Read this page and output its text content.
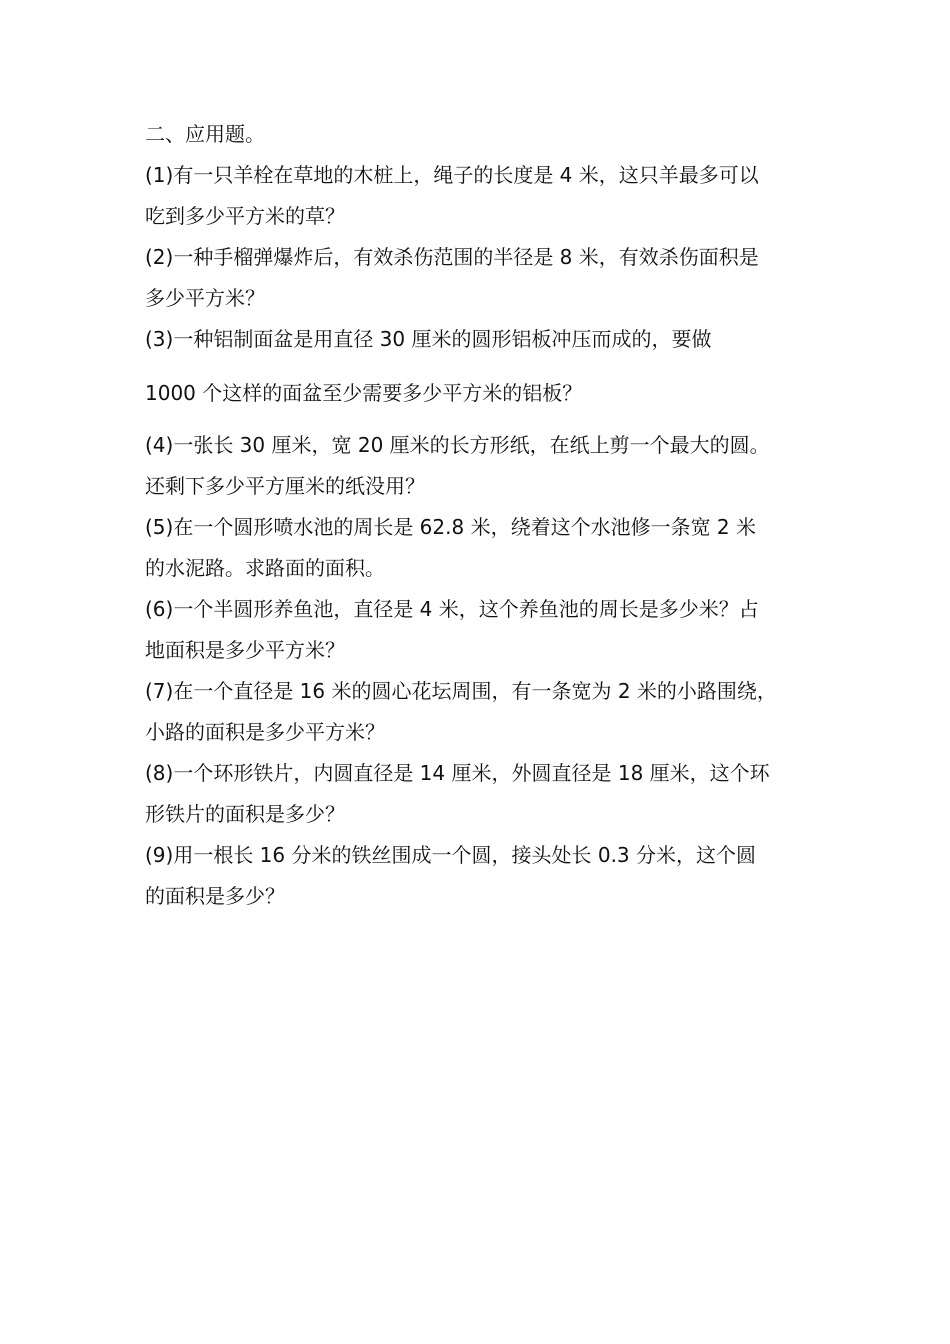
二、应用题。

(1)有一只羊栓在草地的木桩上，绳子的长度是 4 米，这只羊最多可以
吃到多少平方米的草？

(2)一种手榴弹爆炸后，有效杀伤范围的半径是 8 米，有效杀伤面积是
多少平方米？

(3)一种铝制面盆是用直径 30 厘米的圆形铝板冲压而成的，要做
1000 个这样的面盆至少需要多少平方米的铝板？

(4)一张长 30 厘米，宽 20 厘米的长方形纸，在纸上剪一个最大的圆。
还剩下多少平方厘米的纸没用？

(5)在一个圆形喷水池的周长是 62.8 米，绕着这个水池修一条宽 2 米
的水泥路。求路面的面积。

(6)一个半圆形养鱼池，直径是 4 米，这个养鱼池的周长是多少米？占
地面积是多少平方米？

(7)在一个直径是 16 米的圆心花坛周围，有一条宽为 2 米的小路围绕，
小路的面积是多少平方米？

(8)一个环形铁片，内圆直径是 14 厘米，外圆直径是 18 厘米，这个环
形铁片的面积是多少？

(9)用一根长 16 分米的铁丝围成一个圆，接头处长 0.3 分米，这个圆
的面积是多少？
